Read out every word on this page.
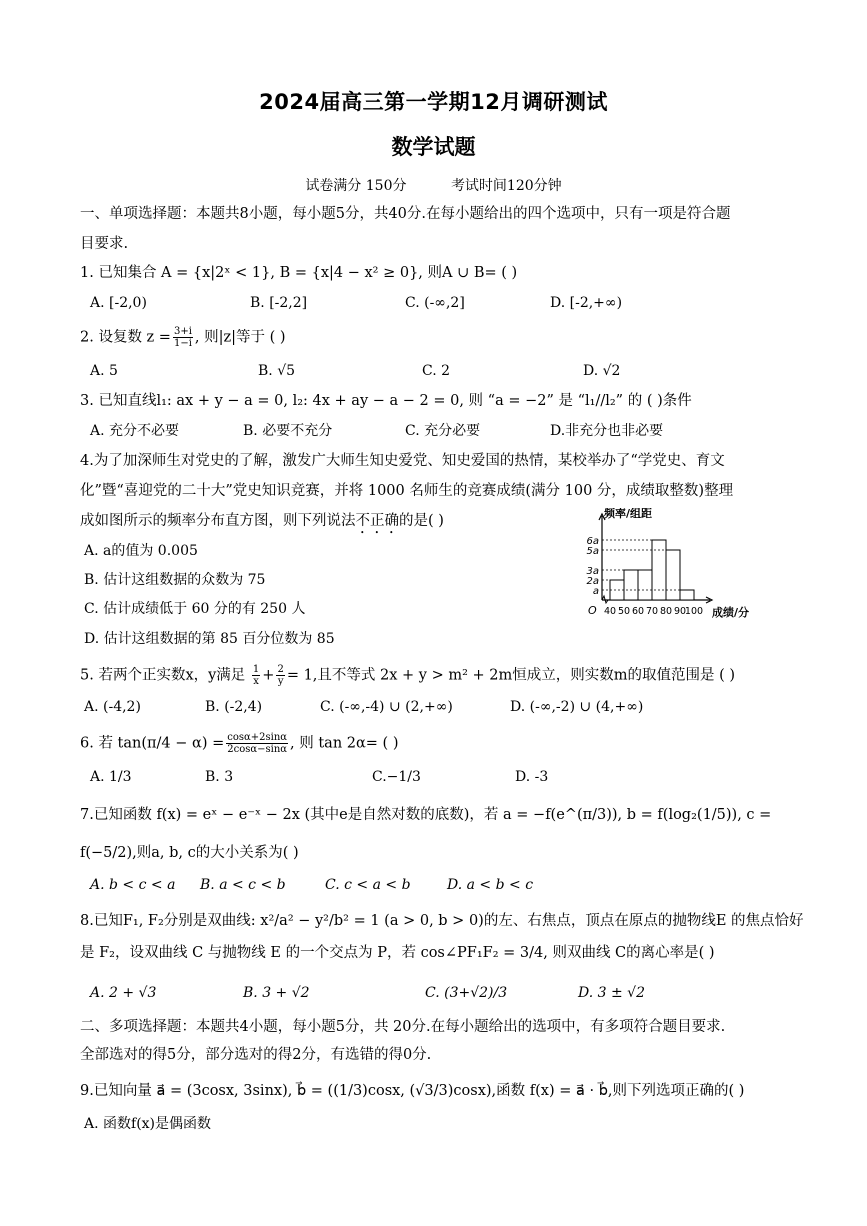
2024届高三第一学期12月调研测试
数学试题
试卷满分 150分	考试时间120分钟
一、单项选择题：本题共8小题，每小题5分，共40分.在每小题给出的四个选项中，只有一项是符合题
目要求.
1. 已知集合 A = {x|2ˣ < 1}, B = {x|4 − x² ≥ 0}, 则A ∪ B= ( )
A. [-2,0)	B. [-2,2]	C. (-∞,2]	D. [-2,+∞)
2. 设复数 $z = \frac{3+i}{1-i}$ , 则|z|等于 ( )
A. 5	B. √5	C. 2	D. √2
3. 已知直线l₁: ax + y − a = 0, l₂: 4x + ay − a − 2 = 0, 则 “a = −2” 是 “l₁//l₂” 的 ( )条件
A. 充分不必要	B. 必要不充分	C. 充分必要	D.非充分也非必要
4.为了加深师生对党史的了解，激发广大师生知史爱党、知史爱国的热情，某校举办了“学党史、育文
化”暨“喜迎党的二十大”党史知识竞赛，并将 1000 名师生的竞赛成绩(满分 100 分，成绩取整数)整理
成如图所示的频率分布直方图，则下列说法不正确的是( )
A. a的值为 0.005
B. 估计这组数据的众数为 75
C. 估计成绩低于 60 分的有 250 人
D. 估计这组数据的第 85 百分位数为 85
6a
5a
3a
2a
a
40 50 60 70 80 90
100
频率/组距
成绩/分
O
5. 若两个正实数x，y满足 $\frac{1}{x} + \frac{2}{y} = 1$,且不等式 2x + y > m² + 2m恒成立，则实数m的取值范围是 ( )
A. (-4,2)	B. (-2,4)	C. (-∞,-4) ∪ (2,+∞)	D. (-∞,-2) ∪ (4,+∞)
6. 若 $\tan(\pi/4 - \alpha) = \frac{\cos\alpha+2\sin\alpha}{2\cos\alpha-\sin\alpha}$ , 则 tan 2α= ( )
A. 1/3	B. 3	C.−1/3	D. -3
7.已知函数 f(x) = eˣ − e⁻ˣ − 2x (其中e是自然对数的底数)，若 a = −f(e^(π/3)), b = f(log₂(1/5)), c =
f(−5/2),则a, b, c的大小关系为( )
A. b < c < a B. a < c < b	C. c < a < b	D. a < b < c
8.已知F₁, F₂分别是双曲线: x²/a² − y²/b² = 1 (a > 0, b > 0)的左、右焦点，顶点在原点的抛物线E 的焦点恰好
是 F₂，设双曲线 C 与抛物线 E 的一个交点为 P，若 cos∠PF₁F₂ = 3/4, 则双曲线 C的离心率是( )
A. 2 + √3	B. 3 + √2	C. (3+√2)/3	D. 3 ± √2
二、多项选择题：本题共4小题，每小题5分，共 20分.在每小题给出的选项中，有多项符合题目要求.
全部选对的得5分，部分选对的得2分，有选错的得0分.
9.已知向量 a⃗ = (3cosx, 3sinx), b⃗ = ((1/3)cosx, (√3/3)cosx),函数 f(x) = a⃗ · b⃗,则下列选项正确的( )
A. 函数f(x)是偶函数
